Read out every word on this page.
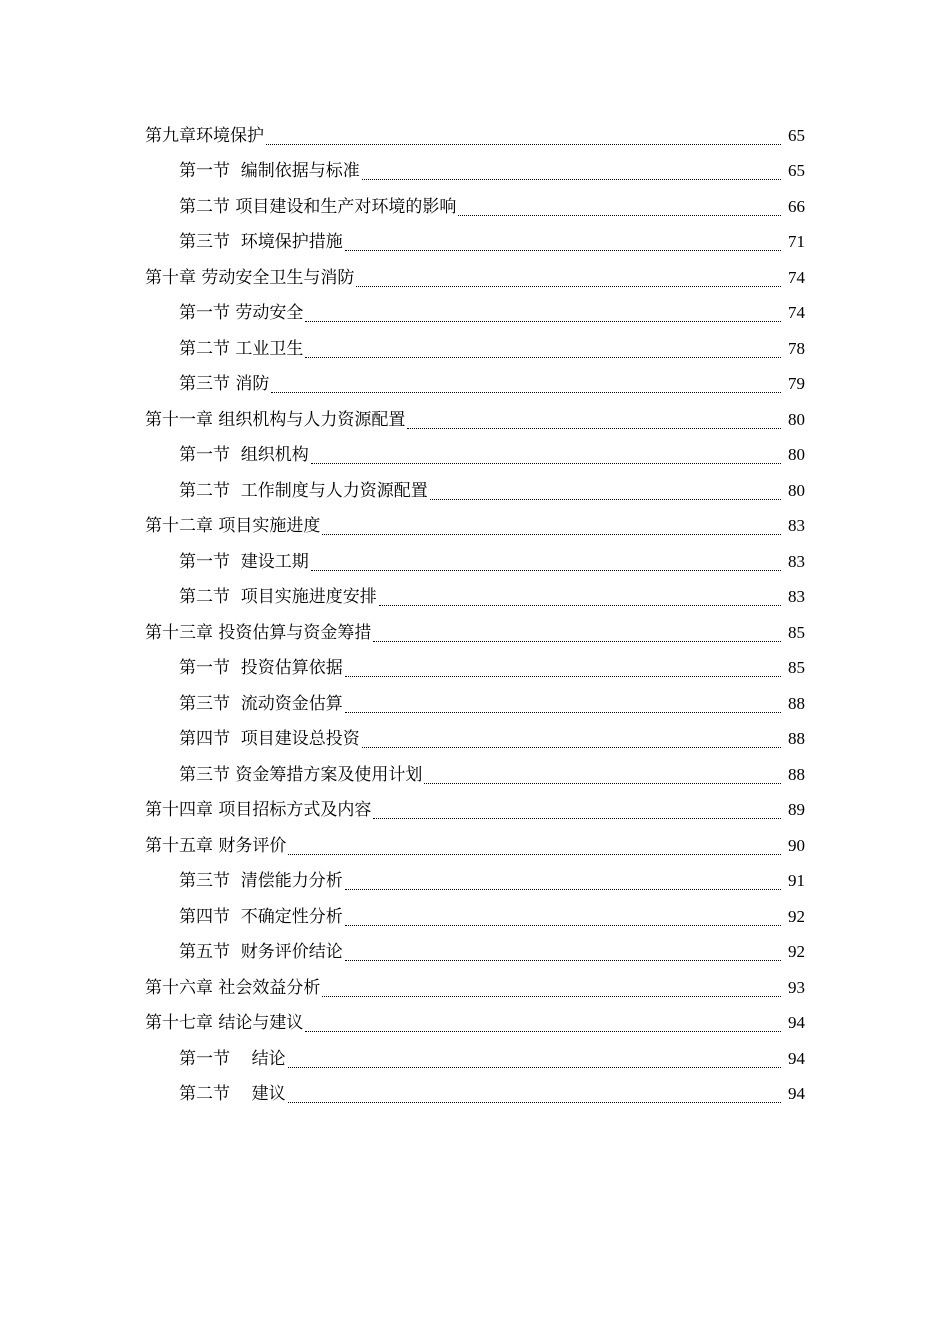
第九章环境保护	65
第一节  编制依据与标准	65
第二节 项目建设和生产对环境的影响	66
第三节  环境保护措施	71
第十章 劳动安全卫生与消防	74
第一节 劳动安全	74
第二节 工业卫生	78
第三节 消防	79
第十一章 组织机构与人力资源配置	80
第一节  组织机构	80
第二节  工作制度与人力资源配置	80
第十二章 项目实施进度	83
第一节  建设工期	83
第二节  项目实施进度安排	83
第十三章 投资估算与资金筹措	85
第一节  投资估算依据	85
第三节  流动资金估算	88
第四节  项目建设总投资	88
第三节 资金筹措方案及使用计划	88
第十四章 项目招标方式及内容	89
第十五章 财务评价	90
第三节  清偿能力分析	91
第四节  不确定性分析	92
第五节  财务评价结论	92
第十六章 社会效益分析	93
第十七章 结论与建议	94
第一节    结论	94
第二节    建议	94
